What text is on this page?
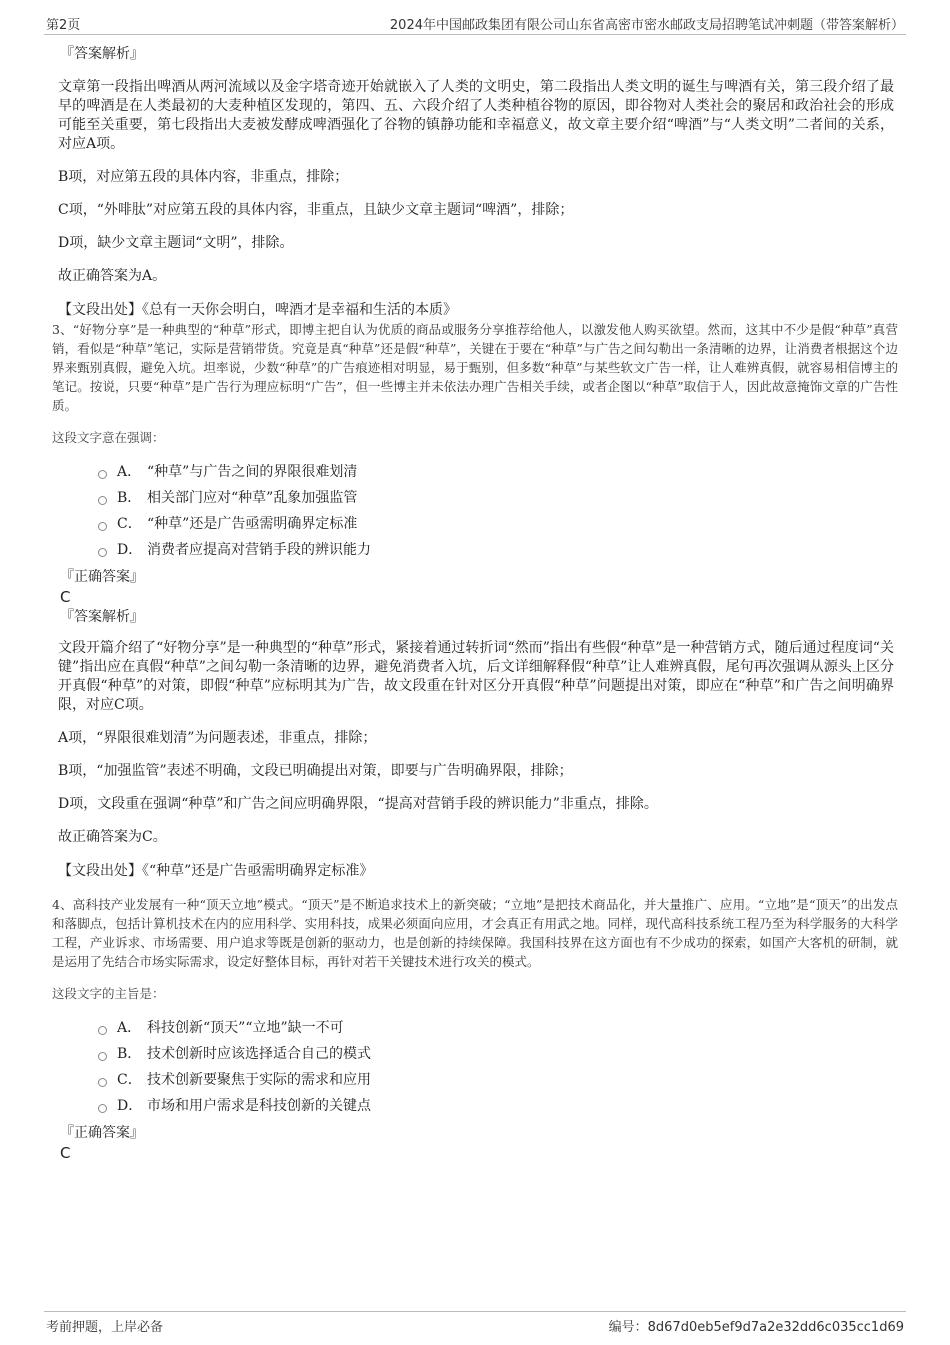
第2页	2024年中国邮政集团有限公司山东省高密市密水邮政支局招聘笔试冲刺题（带答案解析）
『答案解析』

文章第一段指出啤酒从两河流域以及金字塔奇迹开始就嵌入了人类的文明史，第二段指出人类文明的诞生与啤酒有关，第三段介绍了最早的啤酒是在人类最初的大麦种植区发现的，第四、五、六段介绍了人类种植谷物的原因，即谷物对人类社会的聚居和政治社会的形成可能至关重要，第七段指出大麦被发酵成啤酒强化了谷物的镇静功能和幸福意义，故文章主要介绍“啤酒”与“人类文明”二者间的关系，对应A项。

B项，对应第五段的具体内容，非重点，排除；
C项，“外啡肽”对应第五段的具体内容，非重点，且缺少文章主题词“啤酒”，排除；
D项，缺少文章主题词“文明”，排除。
故正确答案为A。
【文段出处】《总有一天你会明白，啤酒才是幸福和生活的本质》
3、“好物分享”是一种典型的“种草”形式，即博主把自认为优质的商品或服务分享推荐给他人，以激发他人购买欲望。然而，这其中不少是假“种草”真营销，看似是“种草”笔记，实际是营销带货。究竟是真“种草”还是假“种草”，关键在于要在“种草”与广告之间勾勒出一条清晰的边界，让消费者根据这个边界来甄别真假，避免入坑。坦率说，少数“种草”的广告痕迹相对明显，易于甄别，但多数“种草”与某些软文广告一样，让人难辨真假，就容易相信博主的笔记。按说，只要“种草”是广告行为理应标明“广告”，但一些博主并未依法办理广告相关手续，或者企图以“种草”取信于人，因此故意掩饰文章的广告性质。
这段文字意在强调：
A． “种草”与广告之间的界限很难划清
B． 相关部门应对“种草”乱象加强监管
C． “种草”还是广告亟需明确界定标准
D． 消费者应提高对营销手段的辨识能力
『正确答案』
C
『答案解析』

文段开篇介绍了“好物分享”是一种典型的“种草”形式，紧接着通过转折词“然而”指出有些假“种草”是一种营销方式，随后通过程度词“关键”指出应在真假“种草”之间勾勒一条清晰的边界，避免消费者入坑，后文详细解释假“种草”让人难辨真假，尾句再次强调从源头上区分开真假“种草”的对策，即假“种草”应标明其为广告，故文段重在针对区分开真假“种草”问题提出对策，即应在“种草”和广告之间明确界限，对应C项。

A项，“界限很难划清”为问题表述，非重点，排除；
B项，“加强监管”表述不明确，文段已明确提出对策，即要与广告明确界限，排除；
D项，文段重在强调“种草”和广告之间应明确界限，“提高对营销手段的辨识能力”非重点，排除。
故正确答案为C。
【文段出处】《“种草”还是广告亟需明确界定标准》
4、高科技产业发展有一种“顶天立地”模式。“顶天”是不断追求技术上的新突破；“立地”是把技术商品化，并大量推广、应用。“立地”是“顶天”的出发点和落脚点，包括计算机技术在内的应用科学、实用科技，成果必须面向应用，才会真正有用武之地。同样，现代高科技系统工程乃至为科学服务的大科学工程，产业诉求、市场需要、用户追求等既是创新的驱动力，也是创新的持续保障。我国科技界在这方面也有不少成功的探索，如国产大客机的研制，就是运用了先结合市场实际需求，设定好整体目标，再针对若干关键技术进行攻关的模式。
这段文字的主旨是：
A． 科技创新“顶天”“立地”缺一不可
B． 技术创新时应该选择适合自己的模式
C． 技术创新要聚焦于实际的需求和应用
D． 市场和用户需求是科技创新的关键点
『正确答案』
C
考前押题，上岸必备	编号：8d67d0eb5ef9d7a2e32dd6c035cc1d69
